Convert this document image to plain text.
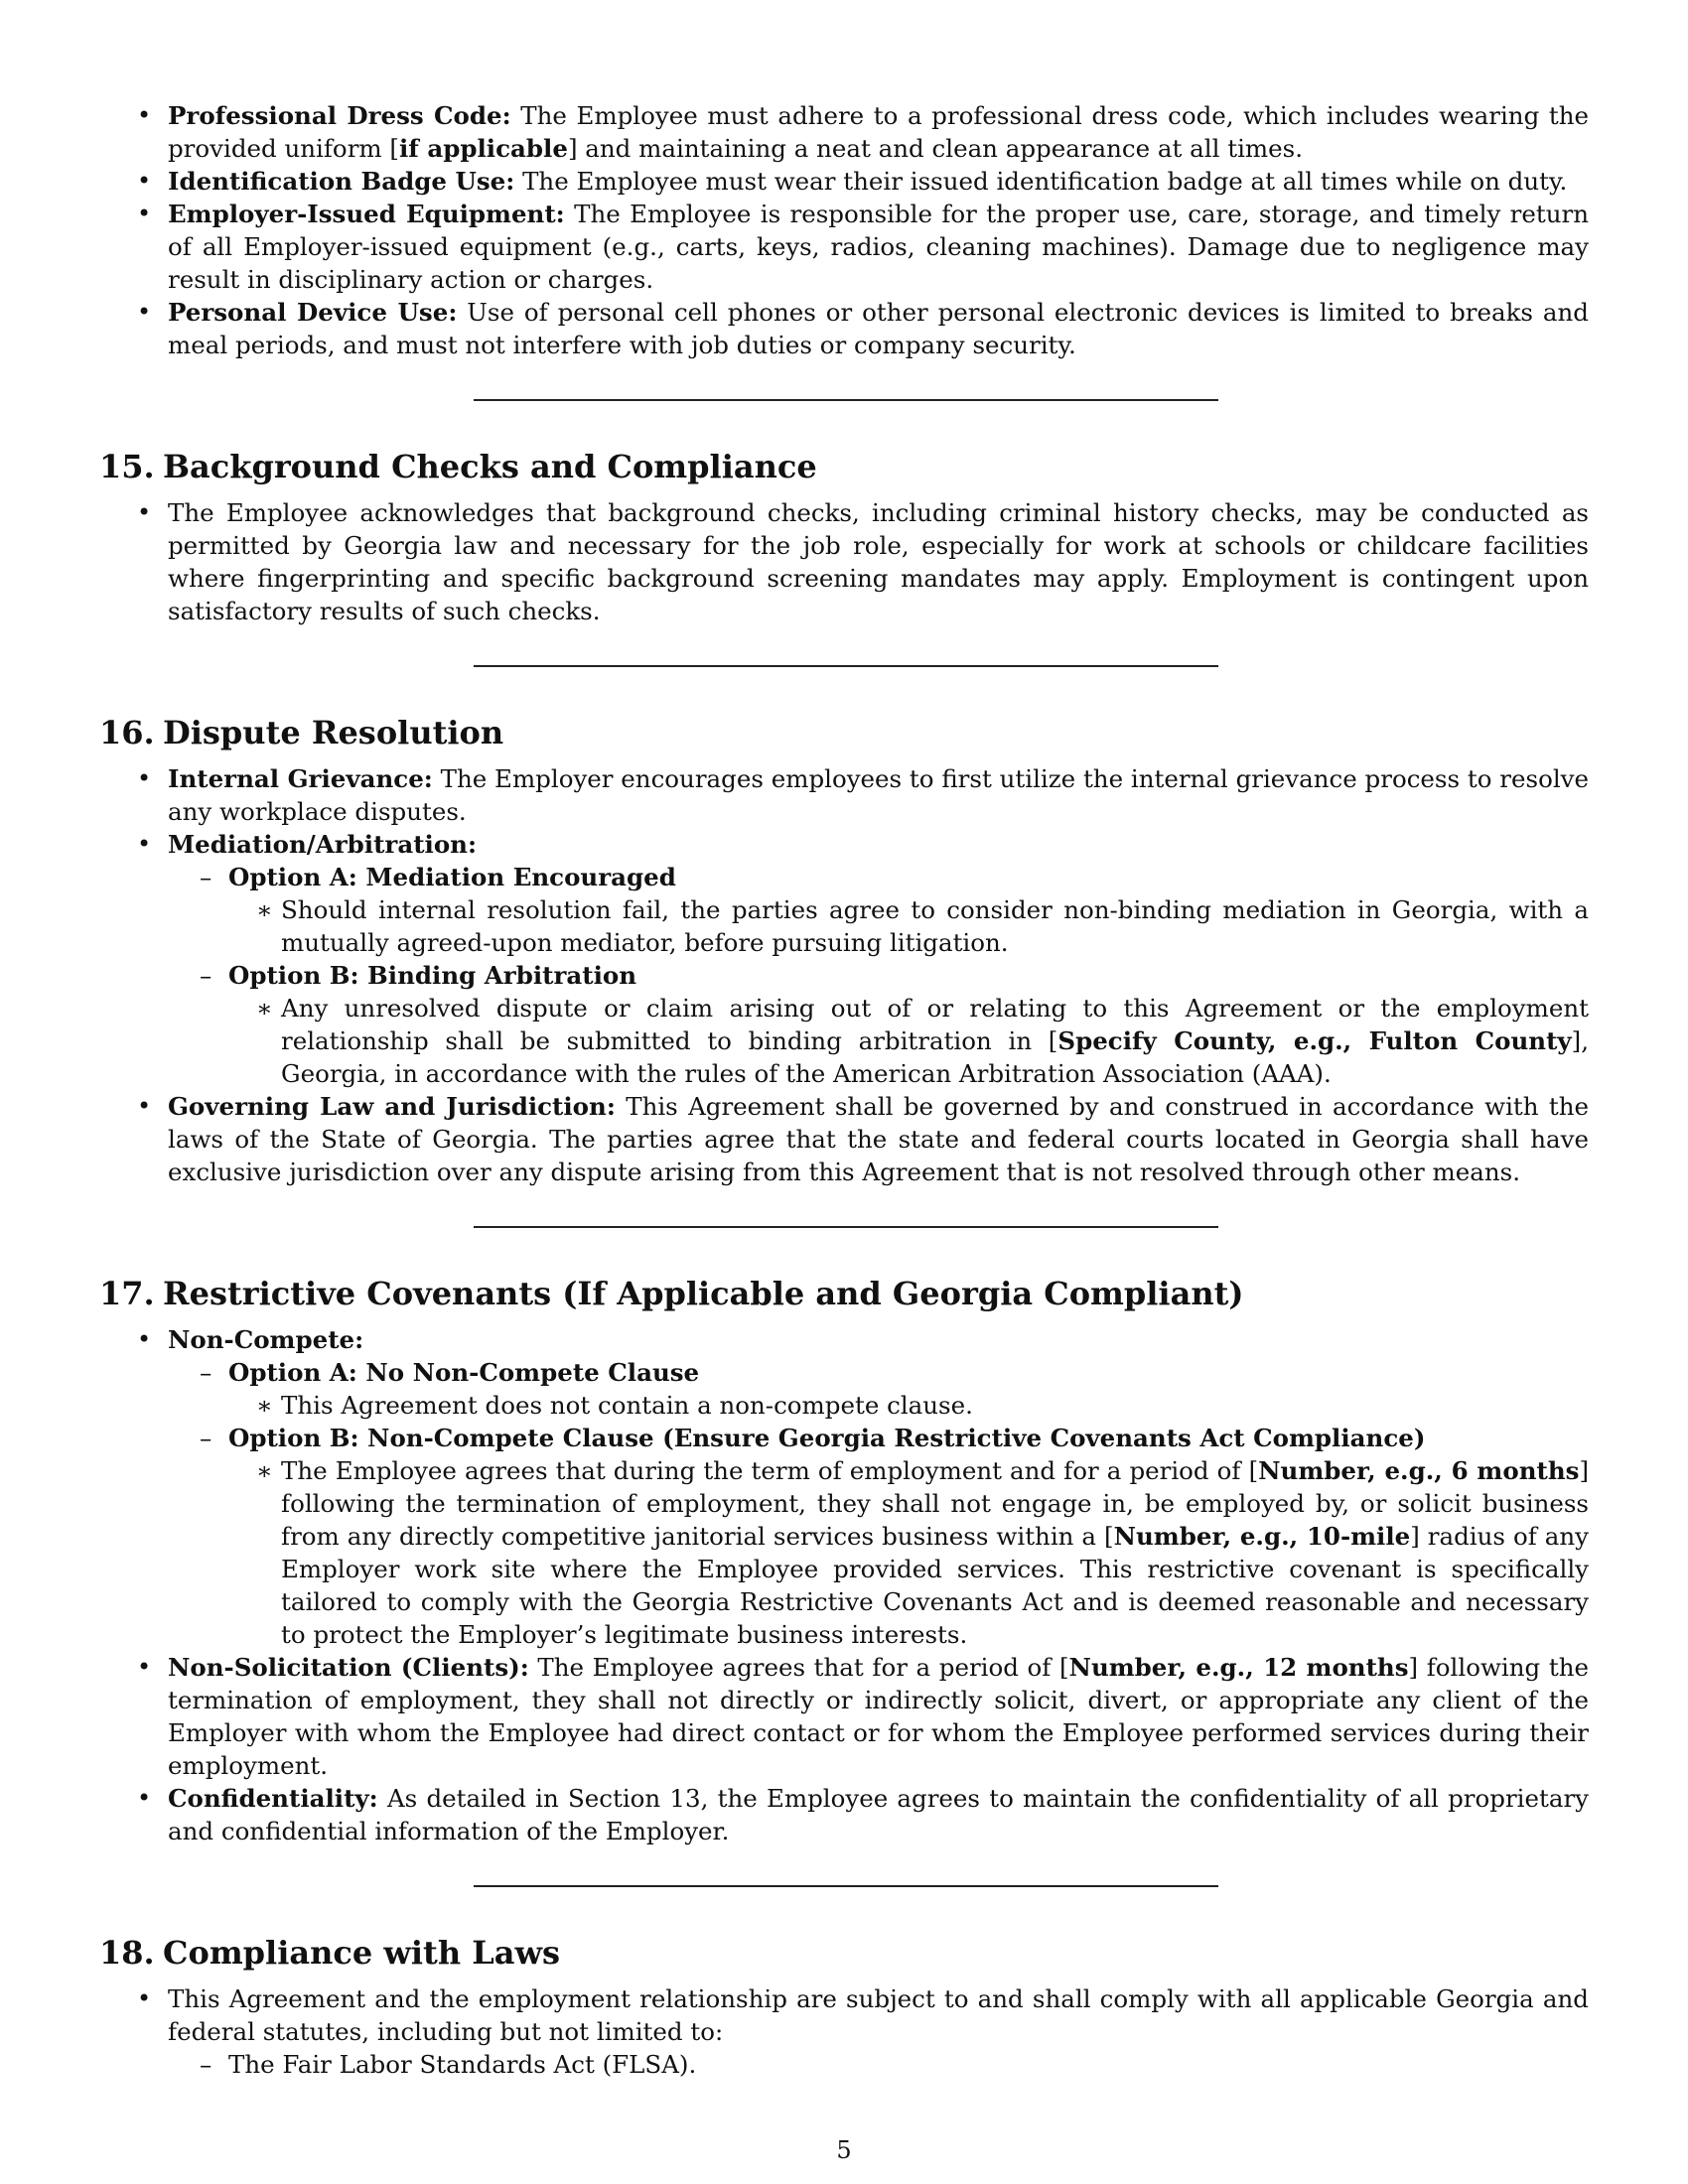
• Professional Dress Code: The Employee must adhere to a professional dress code, which includes wearing the provided uniform [if applicable] and maintaining a neat and clean appearance at all times.
• Identification Badge Use: The Employee must wear their issued identification badge at all times while on duty.
• Employer-Issued Equipment: The Employee is responsible for the proper use, care, storage, and timely return of all Employer-issued equipment (e.g., carts, keys, radios, cleaning machines). Damage due to negligence may result in disciplinary action or charges.
• Personal Device Use: Use of personal cell phones or other personal electronic devices is limited to breaks and meal periods, and must not interfere with job duties or company security.
15. Background Checks and Compliance
• The Employee acknowledges that background checks, including criminal history checks, may be conducted as permitted by Georgia law and necessary for the job role, especially for work at schools or childcare facilities where fingerprinting and specific background screening mandates may apply. Employment is contingent upon satisfactory results of such checks.
16. Dispute Resolution
• Internal Grievance: The Employer encourages employees to first utilize the internal grievance process to resolve any workplace disputes.
• Mediation/Arbitration:
– Option A: Mediation Encouraged
∗ Should internal resolution fail, the parties agree to consider non-binding mediation in Georgia, with a mutually agreed-upon mediator, before pursuing litigation.
– Option B: Binding Arbitration
∗ Any unresolved dispute or claim arising out of or relating to this Agreement or the employment relationship shall be submitted to binding arbitration in [Specify County, e.g., Fulton County], Georgia, in accordance with the rules of the American Arbitration Association (AAA).
• Governing Law and Jurisdiction: This Agreement shall be governed by and construed in accordance with the laws of the State of Georgia. The parties agree that the state and federal courts located in Georgia shall have exclusive jurisdiction over any dispute arising from this Agreement that is not resolved through other means.
17. Restrictive Covenants (If Applicable and Georgia Compliant)
• Non-Compete:
– Option A: No Non-Compete Clause
∗ This Agreement does not contain a non-compete clause.
– Option B: Non-Compete Clause (Ensure Georgia Restrictive Covenants Act Compliance)
∗ The Employee agrees that during the term of employment and for a period of [Number, e.g., 6 months] following the termination of employment, they shall not engage in, be employed by, or solicit business from any directly competitive janitorial services business within a [Number, e.g., 10-mile] radius of any Employer work site where the Employee provided services. This restrictive covenant is specifically tailored to comply with the Georgia Restrictive Covenants Act and is deemed reasonable and necessary to protect the Employer’s legitimate business interests.
• Non-Solicitation (Clients): The Employee agrees that for a period of [Number, e.g., 12 months] following the termination of employment, they shall not directly or indirectly solicit, divert, or appropriate any client of the Employer with whom the Employee had direct contact or for whom the Employee performed services during their employment.
• Confidentiality: As detailed in Section 13, the Employee agrees to maintain the confidentiality of all proprietary and confidential information of the Employer.
18. Compliance with Laws
• This Agreement and the employment relationship are subject to and shall comply with all applicable Georgia and federal statutes, including but not limited to:
– The Fair Labor Standards Act (FLSA).
5
